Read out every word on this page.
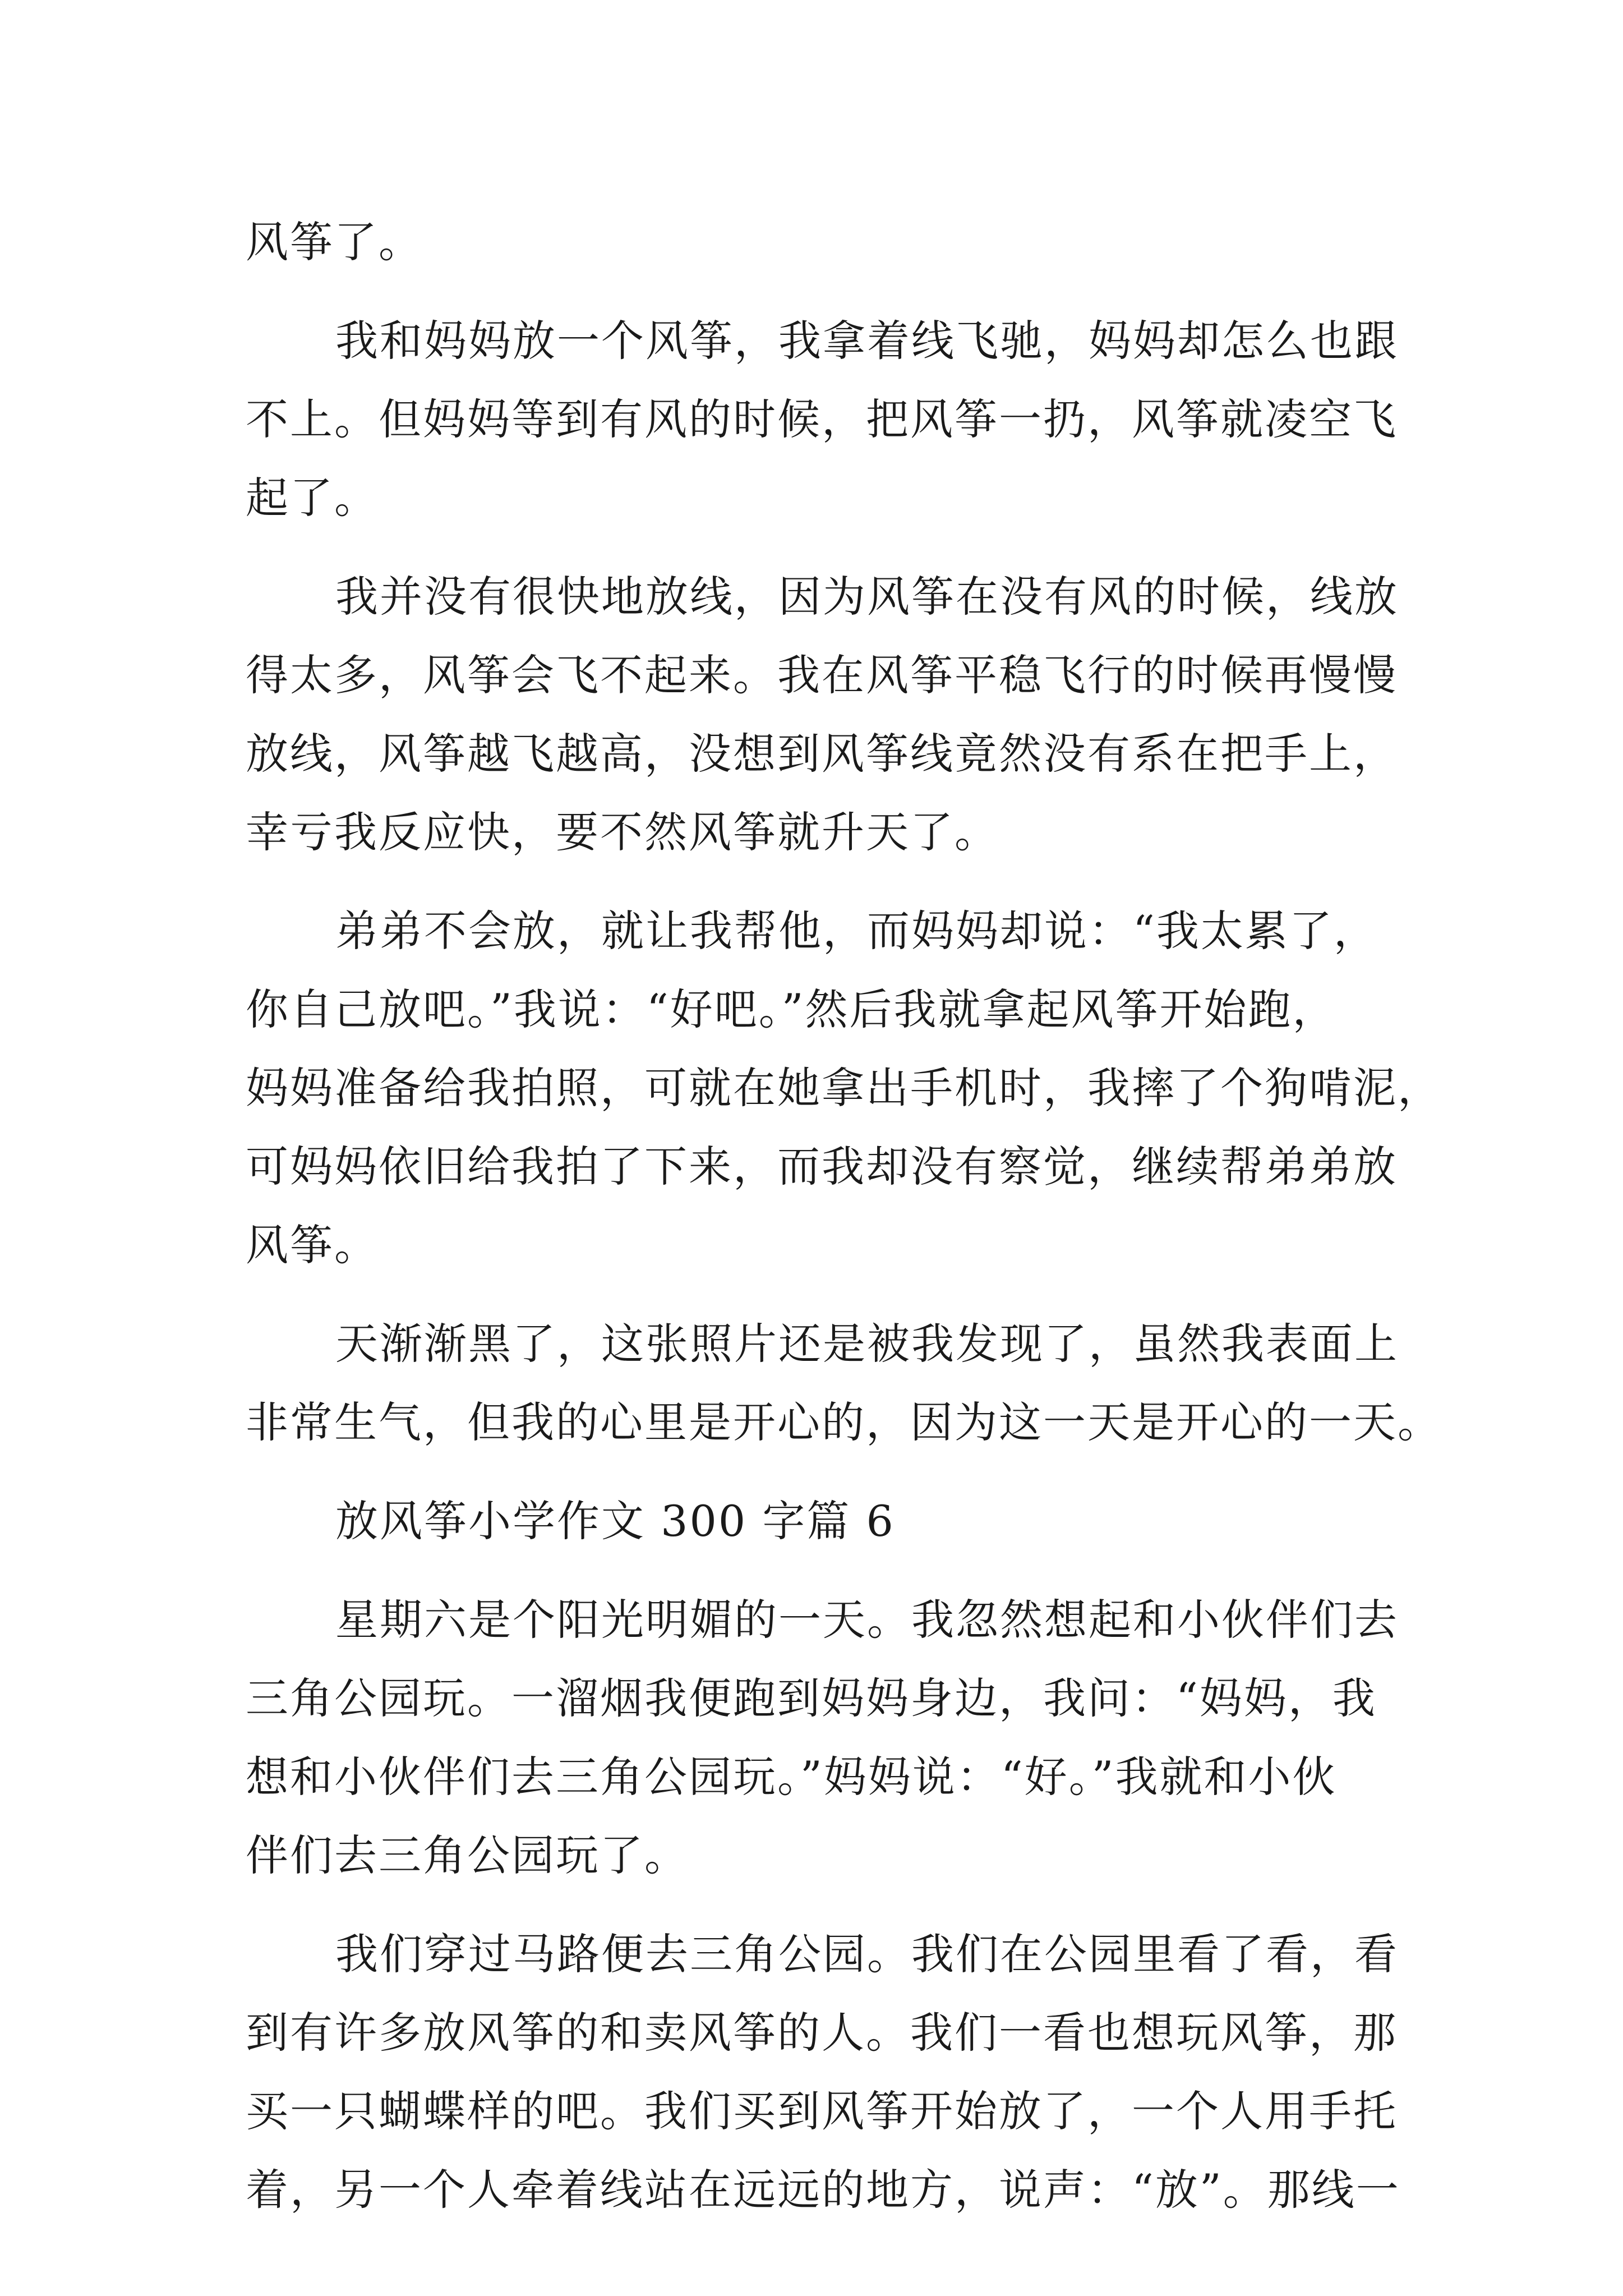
风筝了。
我和妈妈放一个风筝，我拿着线飞驰，妈妈却怎么也跟
不上。但妈妈等到有风的时候，把风筝一扔，风筝就凌空飞
起了。
我并没有很快地放线，因为风筝在没有风的时候，线放
得太多，风筝会飞不起来。我在风筝平稳飞行的时候再慢慢
放线，风筝越飞越高，没想到风筝线竟然没有系在把手上，
幸亏我反应快，要不然风筝就升天了。
弟弟不会放，就让我帮他，而妈妈却说：“我太累了，
你自己放吧。”我说：“好吧。”然后我就拿起风筝开始跑，
妈妈准备给我拍照，可就在她拿出手机时，我摔了个狗啃泥，
可妈妈依旧给我拍了下来，而我却没有察觉，继续帮弟弟放
风筝。
天渐渐黑了，这张照片还是被我发现了，虽然我表面上
非常生气，但我的心里是开心的，因为这一天是开心的一天。
放风筝小学作文 300 字篇 6
星期六是个阳光明媚的一天。我忽然想起和小伙伴们去
三角公园玩。一溜烟我便跑到妈妈身边，我问：“妈妈，我
想和小伙伴们去三角公园玩。”妈妈说：“好。”我就和小伙
伴们去三角公园玩了。
我们穿过马路便去三角公园。我们在公园里看了看，看
到有许多放风筝的和卖风筝的人。我们一看也想玩风筝，那
买一只蝴蝶样的吧。我们买到风筝开始放了，一个人用手托
着，另一个人牵着线站在远远的地方，说声：“放”。那线一
